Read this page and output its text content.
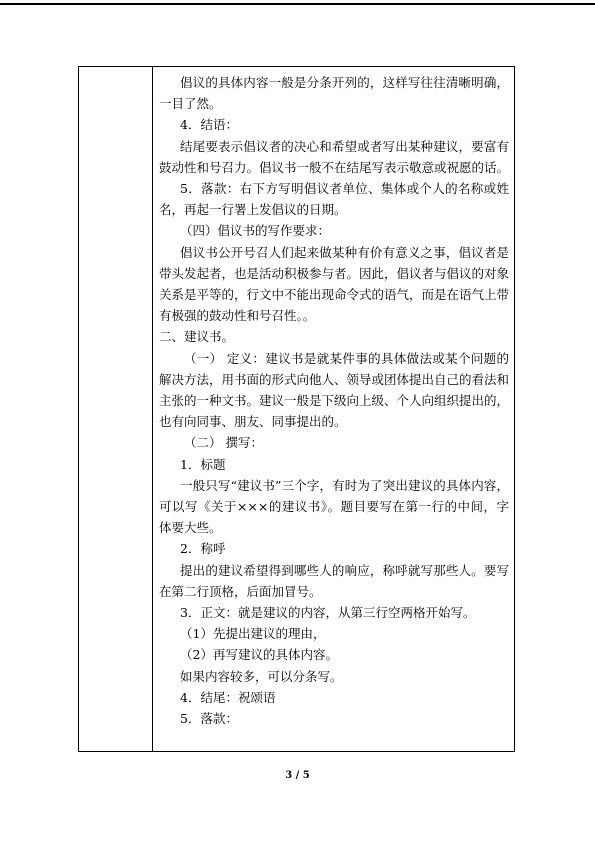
倡议的具体内容一般是分条开列的，这样写往往清晰明确，一目了然。

4．结语：

结尾要表示倡议者的决心和希望或者写出某种建议，要富有鼓动性和号召力。倡议书一般不在结尾写表示敬意或祝愿的话。

5．落款：右下方写明倡议者单位、集体或个人的名称或姓名，再起一行署上发倡议的日期。

（四）倡议书的写作要求：

倡议书公开号召人们起来做某种有价有意义之事，倡议者是带头发起者，也是活动积极参与者。因此，倡议者与倡议的对象关系是平等的，行文中不能出现命令式的语气，而是在语气上带有极强的鼓动性和号召性。。

二、建议书。

（一） 定义：建议书是就某件事的具体做法或某个问题的解决方法，用书面的形式向他人、领导或团体提出自己的看法和主张的一种文书。建议一般是下级向上级、个人向组织提出的，也有向同事、朋友、同事提出的。

（二） 撰写：

1．标题

一般只写“建议书”三个字，有时为了突出建议的具体内容，可以写《关于×××的建议书》。题目要写在第一行的中间，字体要大些。

2．称呼

提出的建议希望得到哪些人的响应，称呼就写那些人。要写在第二行顶格，后面加冒号。

3．正文：就是建议的内容，从第三行空两格开始写。

（1）先提出建议的理由，

（2）再写建议的具体内容。

如果内容较多，可以分条写。

4．结尾：祝颂语

5．落款：

3 / 5
